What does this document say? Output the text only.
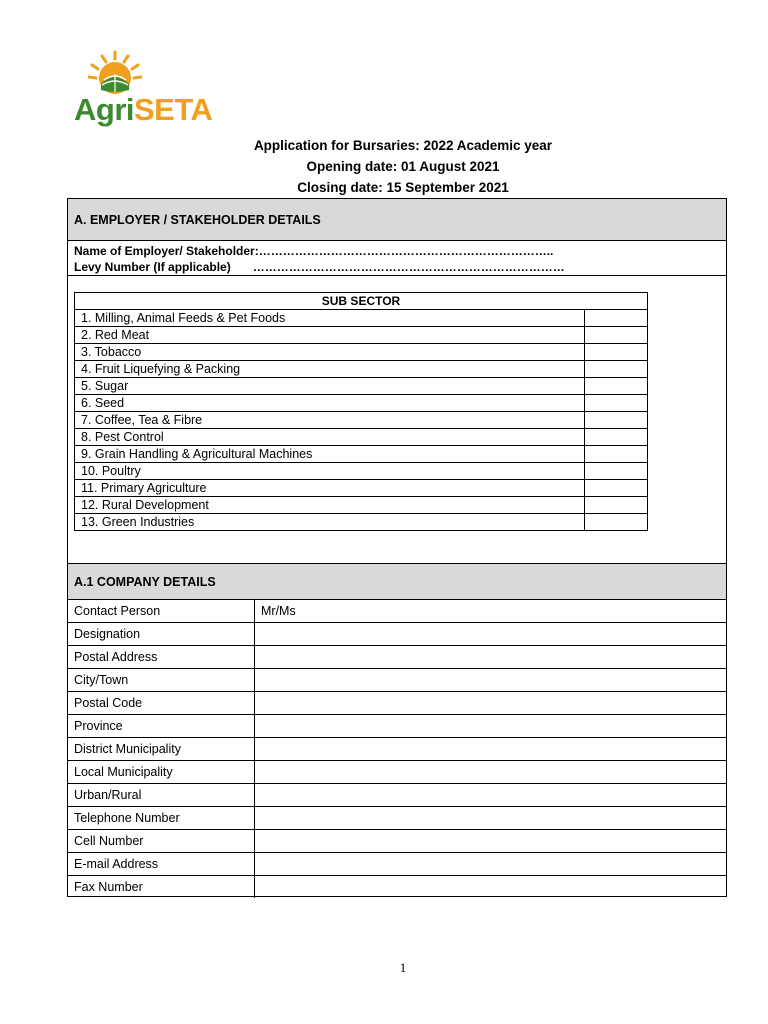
AgriSETA
Application for Bursaries: 2022 Academic year
Opening date: 01 August 2021
Closing date: 15 September 2021
A. EMPLOYER / STAKEHOLDER DETAILS
Name of Employer/ Stakeholder:………………………………………………………………..
Levy Number (If applicable) ……………………………………………………………………
SUB SECTOR	
1. Milling, Animal Feeds & Pet Foods	
2. Red Meat	
3. Tobacco	
4. Fruit Liquefying & Packing	
5. Sugar	
6. Seed	
7. Coffee, Tea & Fibre	
8. Pest Control	
9. Grain Handling & Agricultural Machines	
10. Poultry	
11. Primary Agriculture	
12. Rural Development	
13. Green Industries	
A.1 COMPANY DETAILS
Contact Person	Mr/Ms
Designation	
Postal Address	
City/Town	
Postal Code	
Province	
District Municipality	
Local Municipality	
Urban/Rural	
Telephone Number	
Cell Number	
E-mail Address	
Fax Number	
1
